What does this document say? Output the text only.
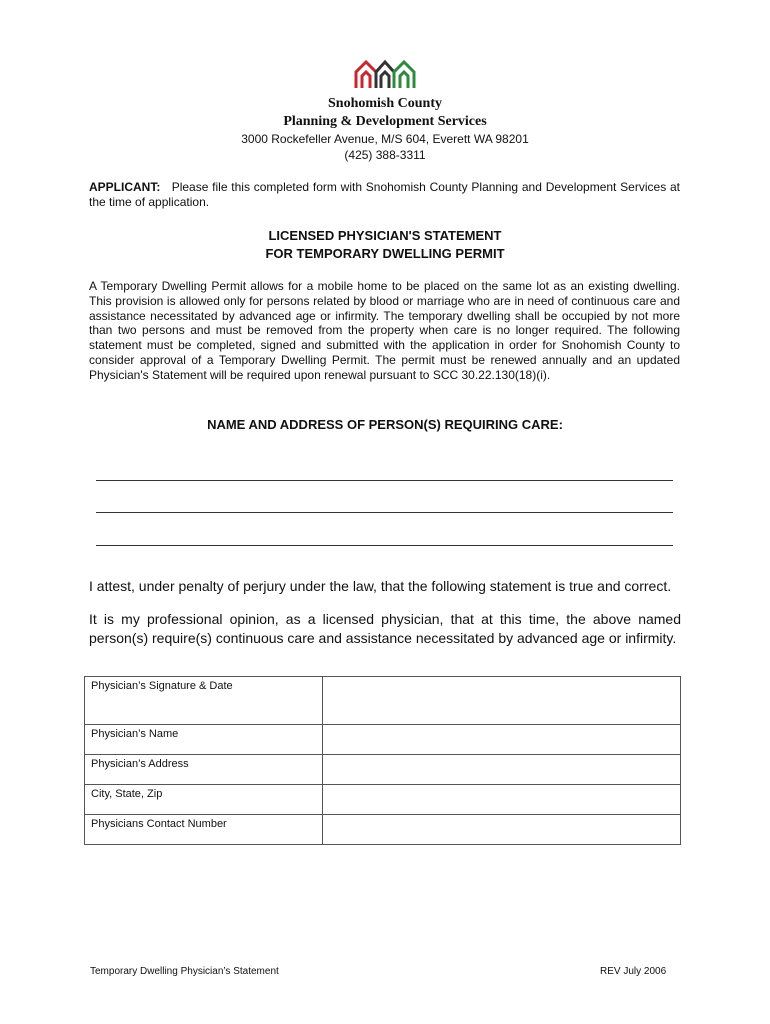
Snohomish County
Planning & Development Services
3000 Rockefeller Avenue, M/S 604, Everett WA 98201
(425) 388-3311
APPLICANT: Please file this completed form with Snohomish County Planning and Development Services at the time of application.
LICENSED PHYSICIAN'S STATEMENT
FOR TEMPORARY DWELLING PERMIT
A Temporary Dwelling Permit allows for a mobile home to be placed on the same lot as an existing dwelling. This provision is allowed only for persons related by blood or marriage who are in need of continuous care and assistance necessitated by advanced age or infirmity. The temporary dwelling shall be occupied by not more than two persons and must be removed from the property when care is no longer required. The following statement must be completed, signed and submitted with the application in order for Snohomish County to consider approval of a Temporary Dwelling Permit. The permit must be renewed annually and an updated Physician's Statement will be required upon renewal pursuant to SCC 30.22.130(18)(i).
NAME AND ADDRESS OF PERSON(S) REQUIRING CARE:
I attest, under penalty of perjury under the law, that the following statement is true and correct.
It is my professional opinion, as a licensed physician, that at this time, the above named person(s) require(s) continuous care and assistance necessitated by advanced age or infirmity.
Physician’s Signature & Date	
Physician’s Name	
Physician’s Address	
City, State, Zip	
Physicians Contact Number	
Temporary Dwelling Physician’s Statement	REV July 2006
